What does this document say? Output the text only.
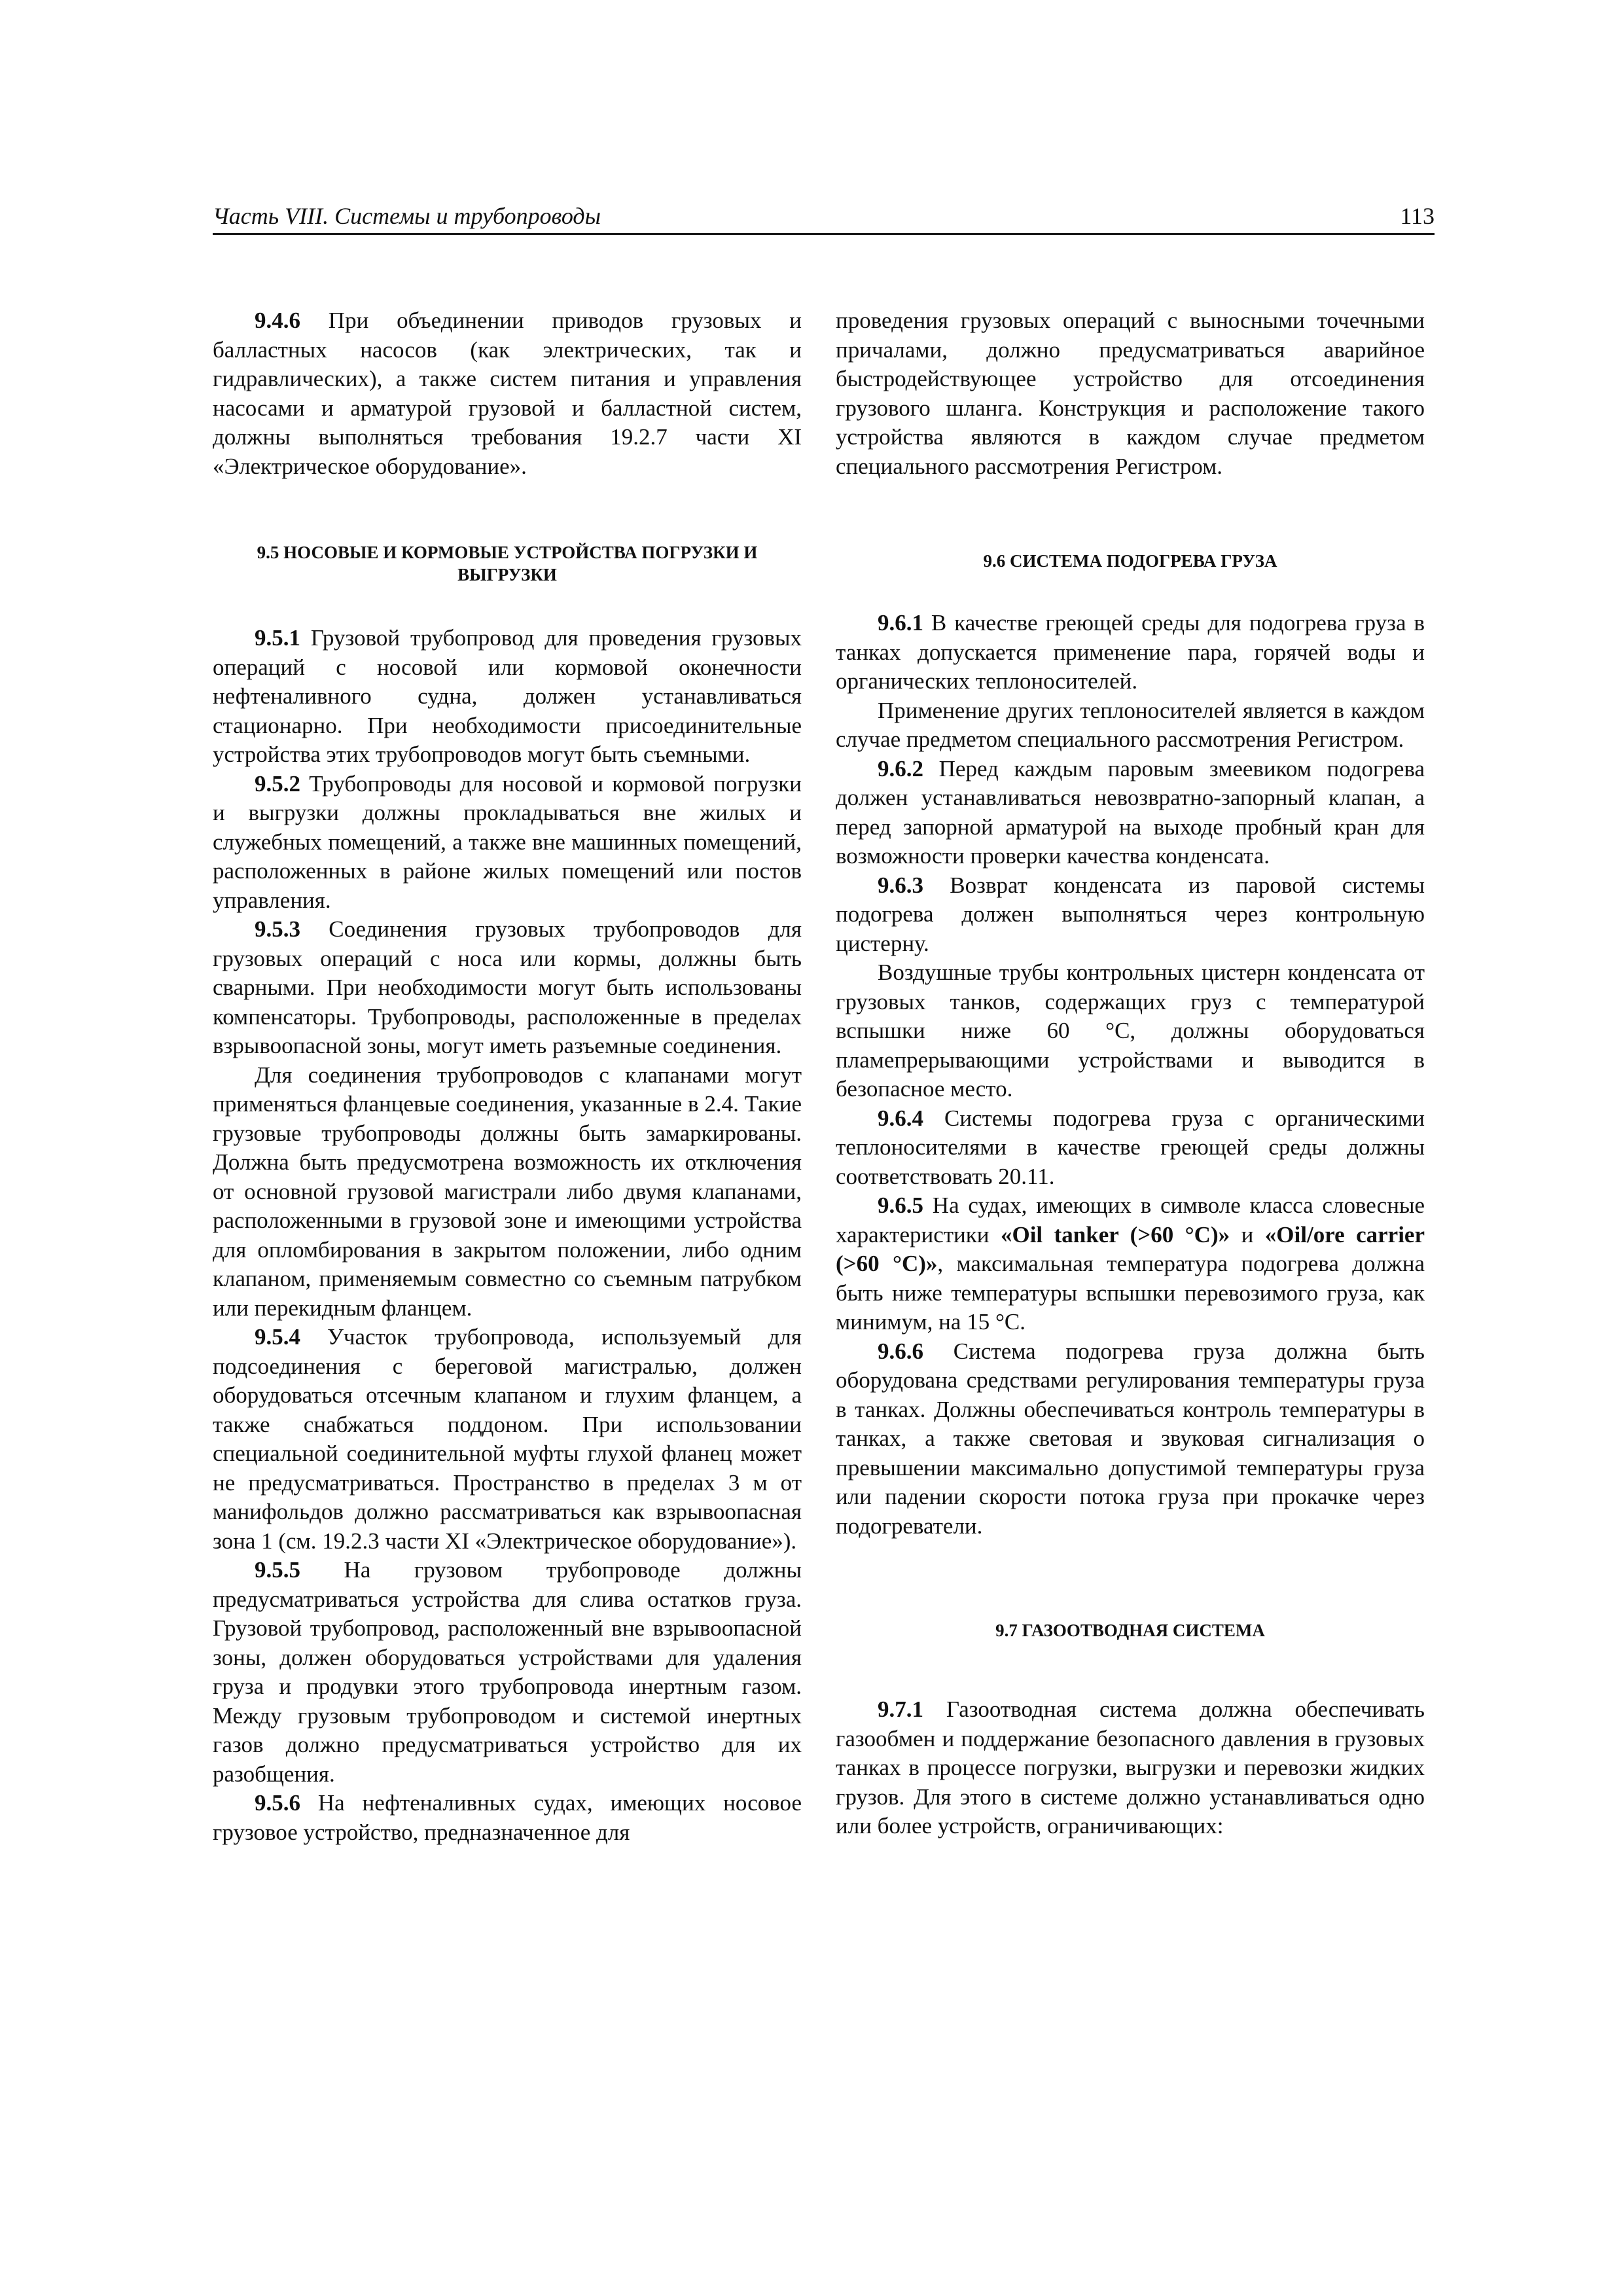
Часть VIII. Системы и трубопроводы	113

9.4.6 При объединении приводов грузовых и балластных насосов (как электрических, так и гидравлических), а также систем питания и управления насосами и арматурой грузовой и балластной систем, должны выполняться требования 19.2.7 части XI «Электрическое оборудование».

9.5 НОСОВЫЕ И КОРМОВЫЕ УСТРОЙСТВА ПОГРУЗКИ И ВЫГРУЗКИ

9.5.1 Грузовой трубопровод для проведения грузовых операций с носовой или кормовой оконечности нефтеналивного судна, должен устанавливаться стационарно. При необходимости присоединительные устройства этих трубопроводов могут быть съемными.

9.5.2 Трубопроводы для носовой и кормовой погрузки и выгрузки должны прокладываться вне жилых и служебных помещений, а также вне машинных помещений, расположенных в районе жилых помещений или постов управления.

9.5.3 Соединения грузовых трубопроводов для грузовых операций с носа или кормы, должны быть сварными. При необходимости могут быть использованы компенсаторы. Трубопроводы, расположенные в пределах взрывоопасной зоны, могут иметь разъемные соединения.

Для соединения трубопроводов с клапанами могут применяться фланцевые соединения, указанные в 2.4. Такие грузовые трубопроводы должны быть замаркированы. Должна быть предусмотрена возможность их отключения от основной грузовой магистрали либо двумя клапанами, расположенными в грузовой зоне и имеющими устройства для опломбирования в закрытом положении, либо одним клапаном, применяемым совместно со съемным патрубком или перекидным фланцем.

9.5.4 Участок трубопровода, используемый для подсоединения с береговой магистралью, должен оборудоваться отсечным клапаном и глухим фланцем, а также снабжаться поддоном. При использовании специальной соединительной муфты глухой фланец может не предусматриваться. Пространство в пределах 3 м от манифольдов должно рассматриваться как взрывоопасная зона 1 (см. 19.2.3 части XI «Электрическое оборудование»).

9.5.5 На грузовом трубопроводе должны предусматриваться устройства для слива остатков груза. Грузовой трубопровод, расположенный вне взрывоопасной зоны, должен оборудоваться устройствами для удаления груза и продувки этого трубопровода инертным газом. Между грузовым трубопроводом и системой инертных газов должно предусматриваться устройство для их разобщения.

9.5.6 На нефтеналивных судах, имеющих носовое грузовое устройство, предназначенное для

проведения грузовых операций с выносными точечными причалами, должно предусматриваться аварийное быстродействующее устройство для отсоединения грузового шланга. Конструкция и расположение такого устройства являются в каждом случае предметом специального рассмотрения Регистром.

9.6 СИСТЕМА ПОДОГРЕВА ГРУЗА

9.6.1 В качестве греющей среды для подогрева груза в танках допускается применение пара, горячей воды и органических теплоносителей.

Применение других теплоносителей является в каждом случае предметом специального рассмотрения Регистром.

9.6.2 Перед каждым паровым змеевиком подогрева должен устанавливаться невозвратно-запорный клапан, а перед запорной арматурой на выходе пробный кран для возможности проверки качества конденсата.

9.6.3 Возврат конденсата из паровой системы подогрева должен выполняться через контрольную цистерну.

Воздушные трубы контрольных цистерн конденсата от грузовых танков, содержащих груз с температурой вспышки ниже 60 °С, должны оборудоваться пламепрерывающими устройствами и выводится в безопасное место.

9.6.4 Системы подогрева груза с органическими теплоносителями в качестве греющей среды должны соответствовать 20.11.

9.6.5 На судах, имеющих в символе класса словесные характеристики «Oil tanker (>60 °C)» и «Oil/ore carrier (>60 °C)», максимальная температура подогрева должна быть ниже температуры вспышки перевозимого груза, как минимум, на 15 °С.

9.6.6 Система подогрева груза должна быть оборудована средствами регулирования температуры груза в танках. Должны обеспечиваться контроль температуры в танках, а также световая и звуковая сигнализация о превышении максимально допустимой температуры груза или падении скорости потока груза при прокачке через подогреватели.

9.7 ГАЗООТВОДНАЯ СИСТЕМА

9.7.1 Газоотводная система должна обеспечивать газообмен и поддержание безопасного давления в грузовых танках в процессе погрузки, выгрузки и перевозки жидких грузов. Для этого в системе должно устанавливаться одно или более устройств, ограничивающих:
